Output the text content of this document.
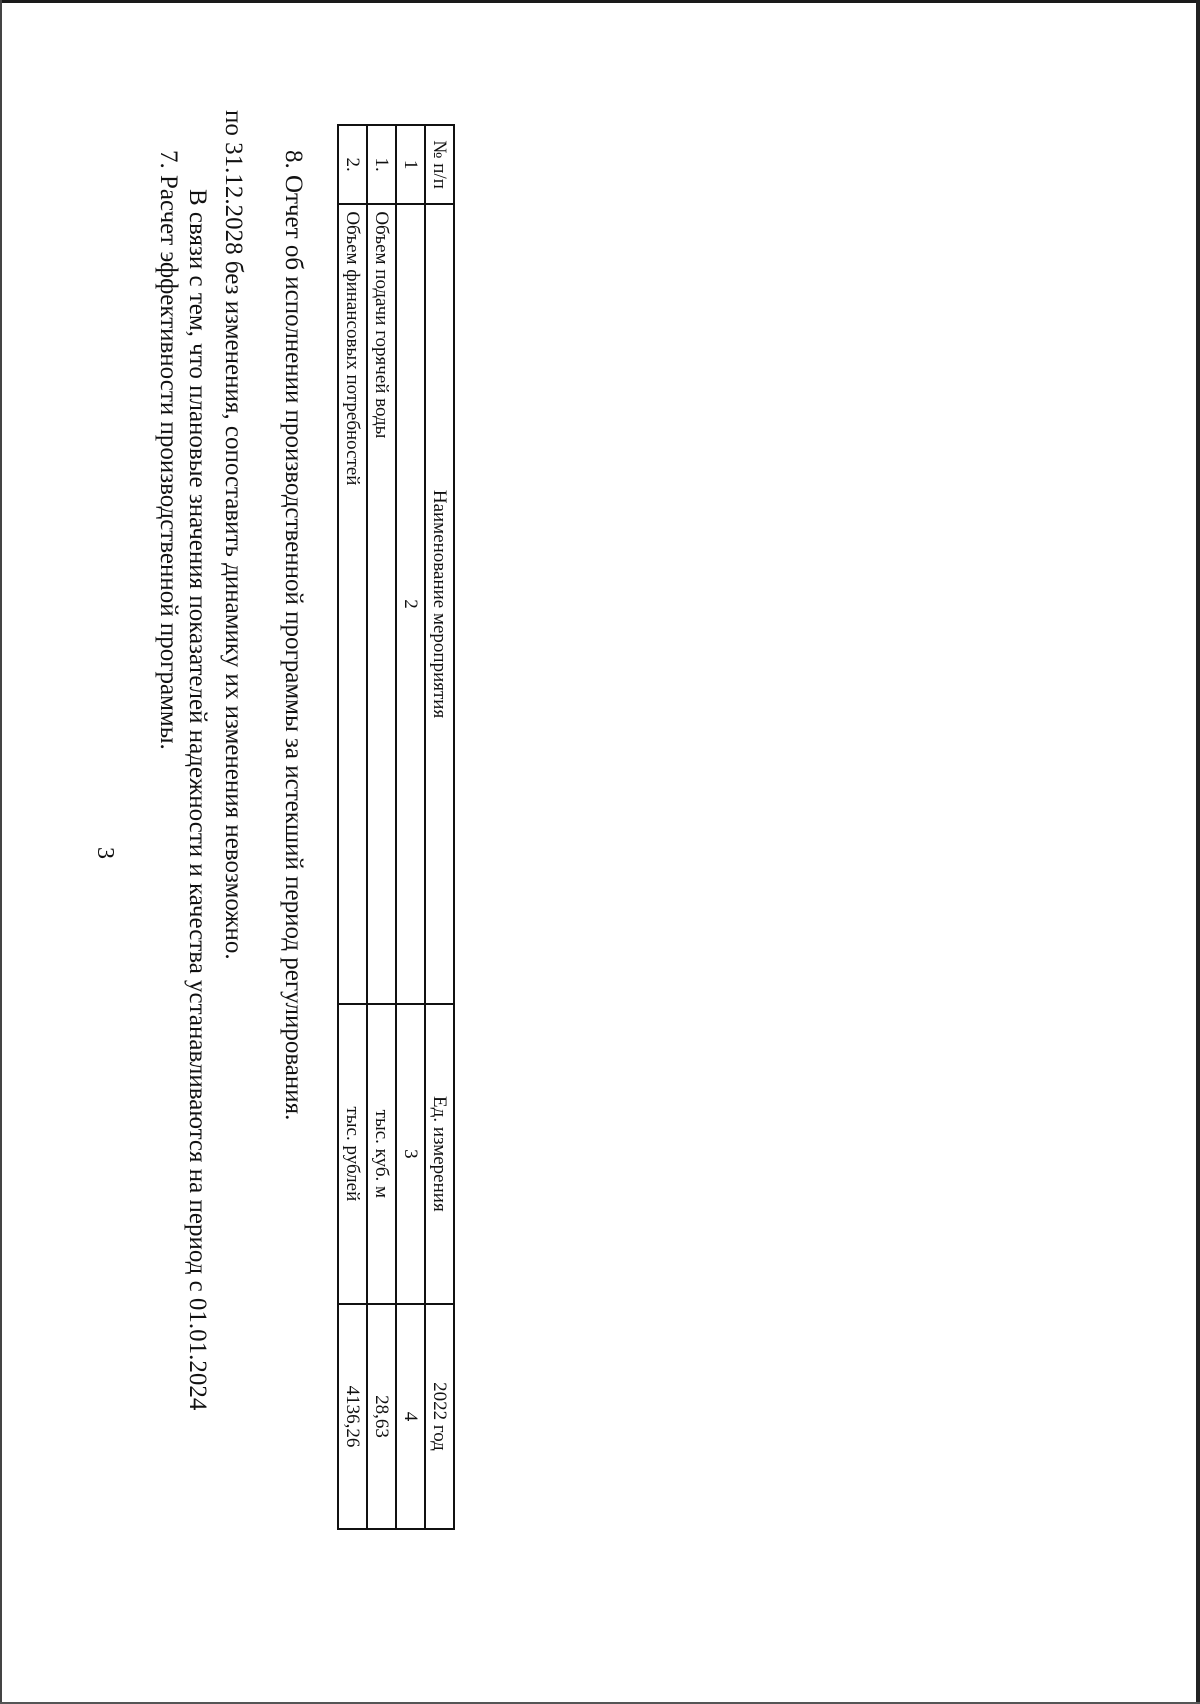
3
7. Расчет эффективности производственной программы. В связи с тем, что плановые значения показателей надежности и качества устанавливаются на период с 01.01.2024 по 31.12.2028 без изменения, сопоставить динамику их изменения невозможно. 8. Отчет об исполнении производственной программы за истекший период регулирования.	№ п/п	Наименование мероприятия	Ед. измерения	2022 год
1	2	3	4
1.	Объем подачи горячей воды	тыс. куб. м	28,63
2.	Объем финансовых потребностей	тыс. рублей	4136,26
